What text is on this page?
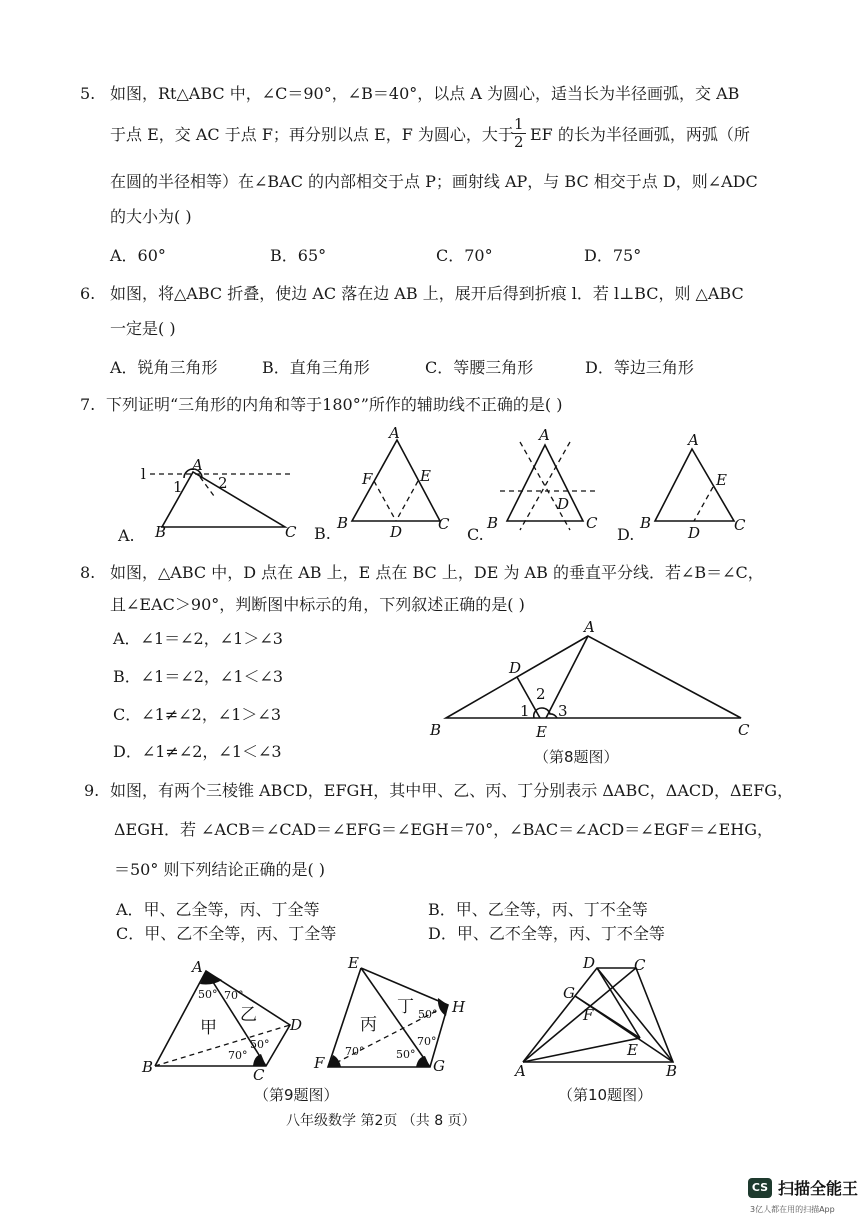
5. 如图，Rt△ABC 中，∠C＝90°，∠B＝40°，以点 A 为圆心，适当长为半径画弧，交 AB
于点 E，交 AC 于点 F；再分别以点 E，F 为圆心，大于
$\frac{1}{2}$ EF 的长为半径画弧，两弧（所
在圆的半径相等）在∠BAC 的内部相交于点 P；画射线 AP，与 BC 相交于点 D，则∠ADC
的大小为( )
A．60°	B．65°	C．70°	D．75°
6. 如图，将△ABC 折叠，使边 AC 落在边 AB 上，展开后得到折痕 l．若 l⊥BC，则 △ABC
一定是( )
A．锐角三角形	B．直角三角形	C．等腰三角形	D．等边三角形
7. 下列证明“三角形的内角和等于180°”所作的辅助线不正确的是( )
A.	B.	C.	D.
l	A
1 2
B	C
A
F	E
B	D C
A
D
B	C
A
E
B
D C
8. 如图，△ABC 中，D 点在 AB 上，E 点在 BC 上，DE 为 AB 的垂直平分线．若∠B＝∠C，
且∠EAC＞90°，判断图中标示的角，下列叙述正确的是( )
A．∠1＝∠2，∠1＞∠3
B．∠1＝∠2，∠1＜∠3
C．∠1≠∠2，∠1＞∠3
D．∠1≠∠2，∠1＜∠3
A
D
2
1 3
B	E	C
（第8题图）
9. 如图，有两个三棱锥 ABCD，EFGH，其中甲、乙、丙、丁分别表示 ΔABC，ΔACD，ΔEFG，
ΔEGH．若 ∠ACB＝∠CAD＝∠EFG＝∠EGH＝70°，∠BAC＝∠ACD＝∠EGF＝∠EHG，
＝50° 则下列结论正确的是( )
A．甲、乙全等，丙、丁全等	B．甲、乙全等，丙、丁不全等
C．甲、乙不全等，丙、丁全等	D．甲、乙不全等，丙、丁不全等
A
B	C
D
50° 70°
70°
50°
甲
乙
E
F	G
H
50°
70°	50°
70°
丙
丁
（第9题图）
D	C
G
F
E
A	B
（第10题图）
八年级数学 第2页 （共 8 页）
CS 扫描全能王
3亿人都在用的扫描App
